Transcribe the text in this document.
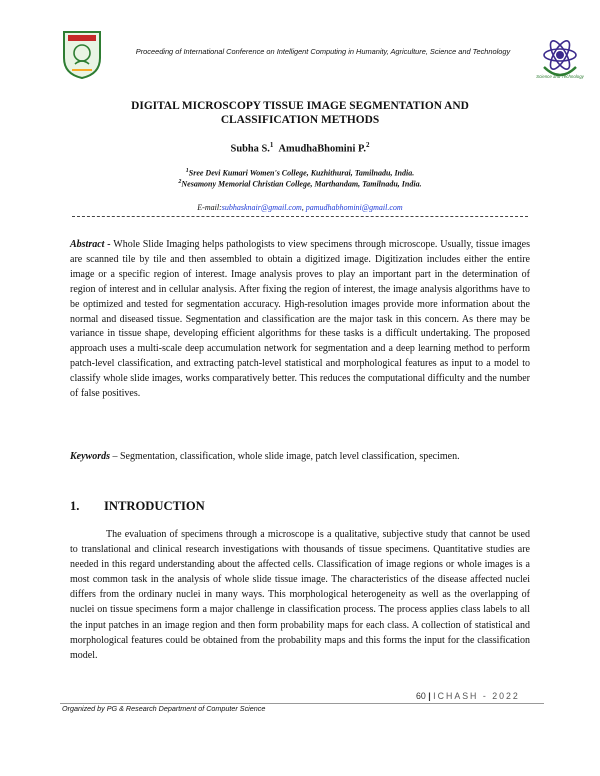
Proceeding of International Conference on Intelligent Computing in Humanity, Agriculture, Science and Technology
Science and Technology
DIGITAL MICROSCOPY TISSUE IMAGE SEGMENTATION AND
CLASSIFICATION METHODS
Subha S.$^1$ AmudhaBhomini P.$^2$
$^1$Sree Devi Kumari Women's College, Kuzhithurai, Tamilnadu, India.
$^2$Nesamony Memorial Christian College, Marthandam, Tamilnadu, India.
E-mail:subhasknair@gmail.com, pamudhabhomini@gmail.com

Abstract - Whole Slide Imaging helps pathologists to view specimens through microscope. Usually, tissue images are scanned tile by tile and then assembled to obtain a digitized image. Digitization includes either the entire image or a specific region of interest. Image analysis proves to play an important part in the determination of region of interest and in cellular analysis. After fixing the region of interest, the image analysis algorithms have to be optimized and tested for segmentation accuracy. High-resolution images provide more information about the normal and diseased tissue. Segmentation and classification are the major task in this concern. As there may be variance in tissue shape, developing efficient algorithms for these tasks is a difficult undertaking. The proposed approach uses a multi-scale deep accumulation network for segmentation and a deep learning method to perform patch-level classification, and extracting patch-level statistical and morphological features as input to a model to classify whole slide images, works comparatively better. This reduces the computational difficulty and the number of false positives.

Keywords – Segmentation, classification, whole slide image, patch level classification, specimen.

1. INTRODUCTION

The evaluation of specimens through a microscope is a qualitative, subjective study that cannot be used to translational and clinical research investigations with thousands of tissue specimens. Quantitative studies are needed in this regard understanding about the affected cells. Classification of image regions or whole images is a most common task in the analysis of whole slide tissue image. The characteristics of the disease affected nuclei differs from the ordinary nuclei in many ways. This morphological heterogeneity as well as the overlapping of nuclei on tissue specimens form a major challenge in classification process. The process applies class labels to all the input patches in an image region and then form probability maps for each class. A collection of statistical and morphological features could be obtained from the probability maps and this forms the input for the classification model.

60 | ICHASH - 2022
Organized by PG & Research Department of Computer Science
